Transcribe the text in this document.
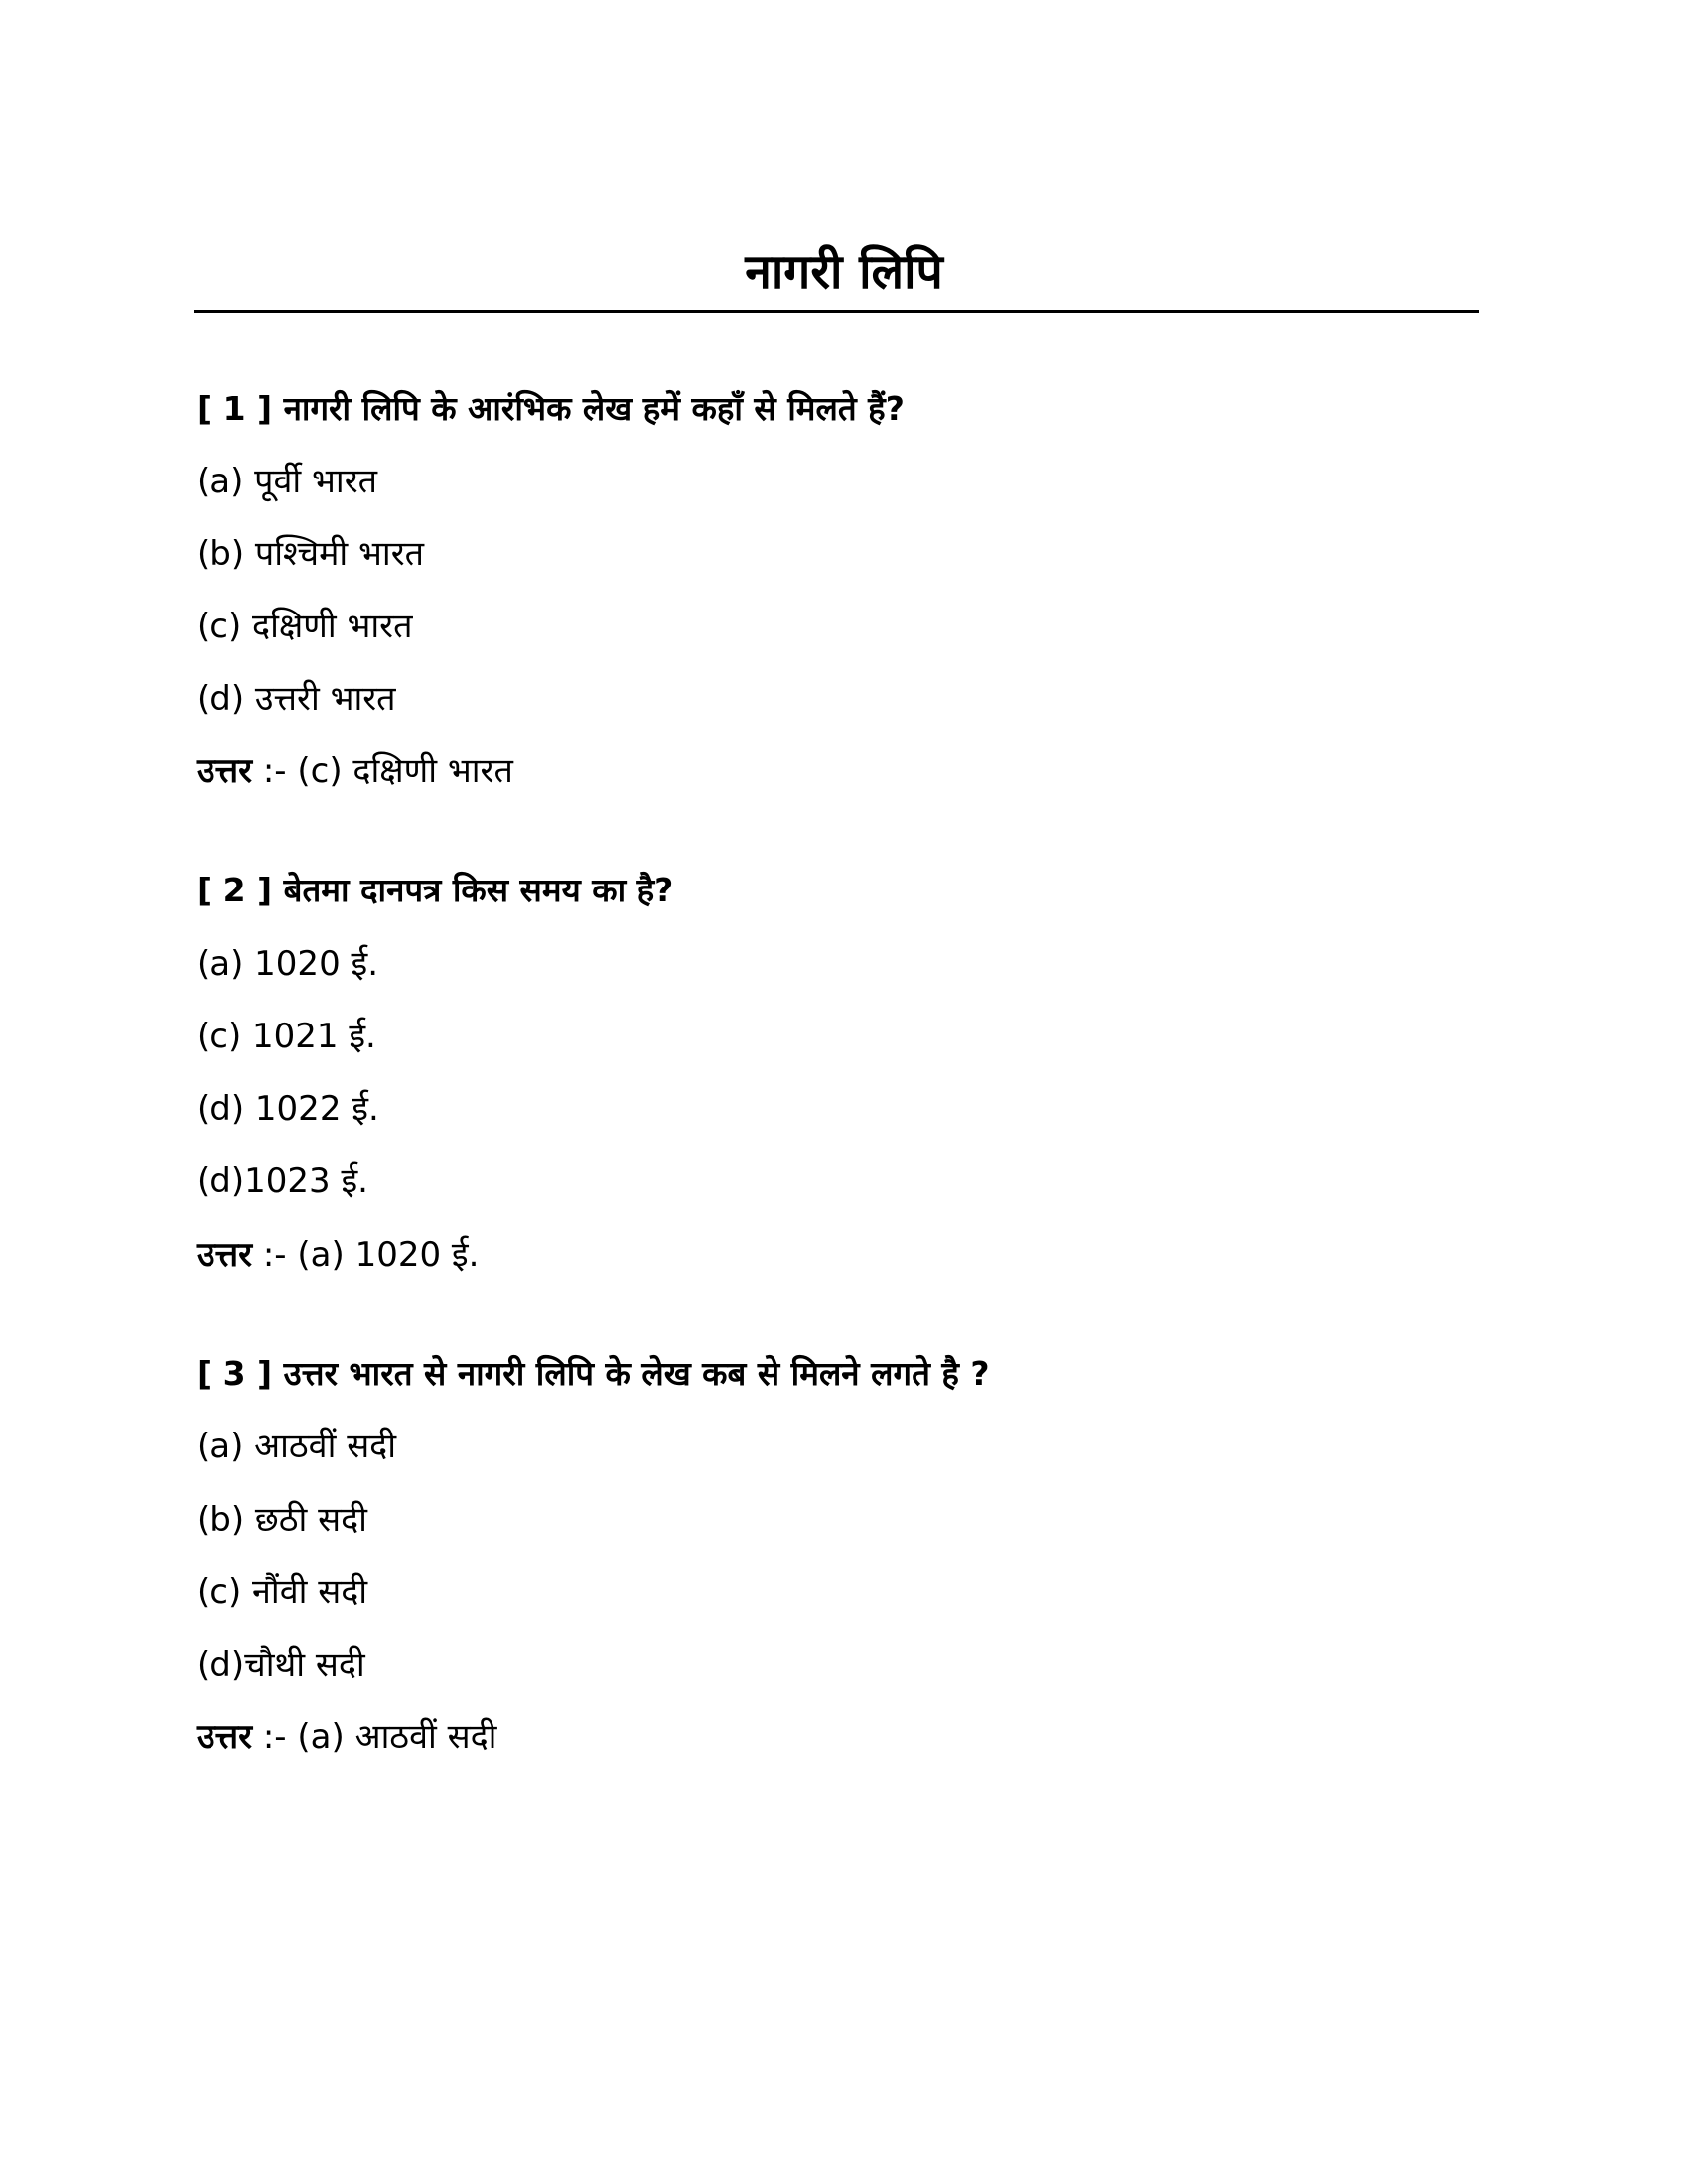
नागरी लिपि
[ 1 ] नागरी लिपि के आरंभिक लेख हमें कहाँ से मिलते हैं?
(a) पूर्वी भारत
(b) पश्चिमी भारत
(c) दक्षिणी भारत
(d) उत्तरी भारत
उत्तर :- (c) दक्षिणी भारत
[ 2 ] बेतमा दानपत्र किस समय का है?
(a) 1020 ई.
(c) 1021 ई.
(d) 1022 ई.
(d)1023 ई.
उत्तर :- (a) 1020 ई.
[ 3 ] उत्तर भारत से नागरी लिपि के लेख कब से मिलने लगते है ?
(a) आठवीं सदी
(b) छठी सदी
(c) नौंवी सदी
(d)चौथी सदी
उत्तर :- (a) आठवीं सदी
